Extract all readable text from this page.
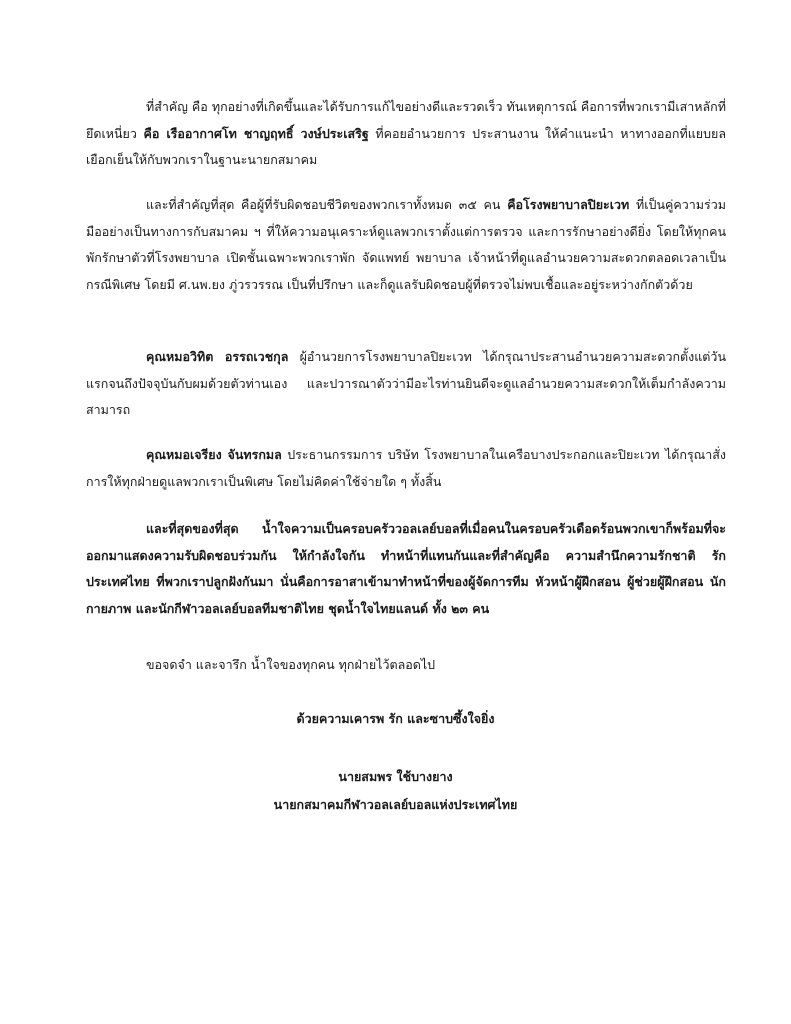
ที่สำคัญ คือ ทุกอย่างที่เกิดขึ้นและได้รับการแก้ไขอย่างดีและรวดเร็ว ทันเหตุการณ์ คือการที่พวกเรามีเสาหลักที่ยึดเหนี่ยว คือ เรืออากาศโท ชาญฤทธิ์ วงษ์ประเสริฐ ที่คอยอำนวยการ ประสานงาน ให้คำแนะนำ หาทางออกที่แยบยลเยือกเย็นให้กับพวกเราในฐานะนายกสมาคม

และที่สำคัญที่สุด คือผู้ที่รับผิดชอบชีวิตของพวกเราทั้งหมด ๓๕ คน คือโรงพยาบาลปิยะเวท ที่เป็นคู่ความร่วมมืออย่างเป็นทางการกับสมาคม ฯ ที่ให้ความอนุเคราะห์ดูแลพวกเราตั้งแต่การตรวจ และการรักษาอย่างดียิ่ง โดยให้ทุกคนพักรักษาตัวที่โรงพยาบาล เปิดชั้นเฉพาะพวกเราพัก จัดแพทย์ พยาบาล เจ้าหน้าที่ดูแลอำนวยความสะดวกตลอดเวลาเป็นกรณีพิเศษ โดยมี ศ.นพ.ยง ภู่วรวรรณ เป็นที่ปรึกษา และก็ดูแลรับผิดชอบผู้ที่ตรวจไม่พบเชื้อและอยู่ระหว่างกักตัวด้วย

คุณหมอวิทิต อรรถเวชกุล ผู้อำนวยการโรงพยาบาลปิยะเวท ได้กรุณาประสานอำนวยความสะดวกตั้งแต่วันแรกจนถึงปัจจุบันกับผมด้วยตัวท่านเอง และปวารณาตัวว่ามีอะไรท่านยินดีจะดูแลอำนวยความสะดวกให้เต็มกำลังความสามารถ

คุณหมอเจรียง จันทรกมล ประธานกรรมการ บริษัท โรงพยาบาลในเครือบางประกอกและปิยะเวท ได้กรุณาสั่งการให้ทุกฝ่ายดูแลพวกเราเป็นพิเศษ โดยไม่คิดค่าใช้จ่ายใด ๆ ทั้งสิ้น

และที่สุดของที่สุด น้ำใจความเป็นครอบครัววอลเลย์บอลที่เมื่อคนในครอบครัวเดือดร้อนพวกเขาก็พร้อมที่จะออกมาแสดงความรับผิดชอบร่วมกัน ให้กำลังใจกัน ทำหน้าที่แทนกันและที่สำคัญคือ ความสำนึกความรักชาติ รักประเทศไทย ที่พวกเราปลูกฝังกันมา นั่นคือการอาสาเข้ามาทำหน้าที่ของผู้จัดการทีม หัวหน้าผู้ฝึกสอน ผู้ช่วยผู้ฝึกสอน นักกายภาพ และนักกีฬาวอลเลย์บอลทีมชาติไทย ชุดน้ำใจไทยแลนด์ ทั้ง ๒๓ คน

ขอจดจำ และจารึก น้ำใจของทุกคน ทุกฝ่ายไว้ตลอดไป

ด้วยความเคารพ รัก และซาบซึ้งใจยิ่ง

นายสมพร ใช้บางยาง

นายกสมาคมกีฬาวอลเลย์บอลแห่งประเทศไทย
